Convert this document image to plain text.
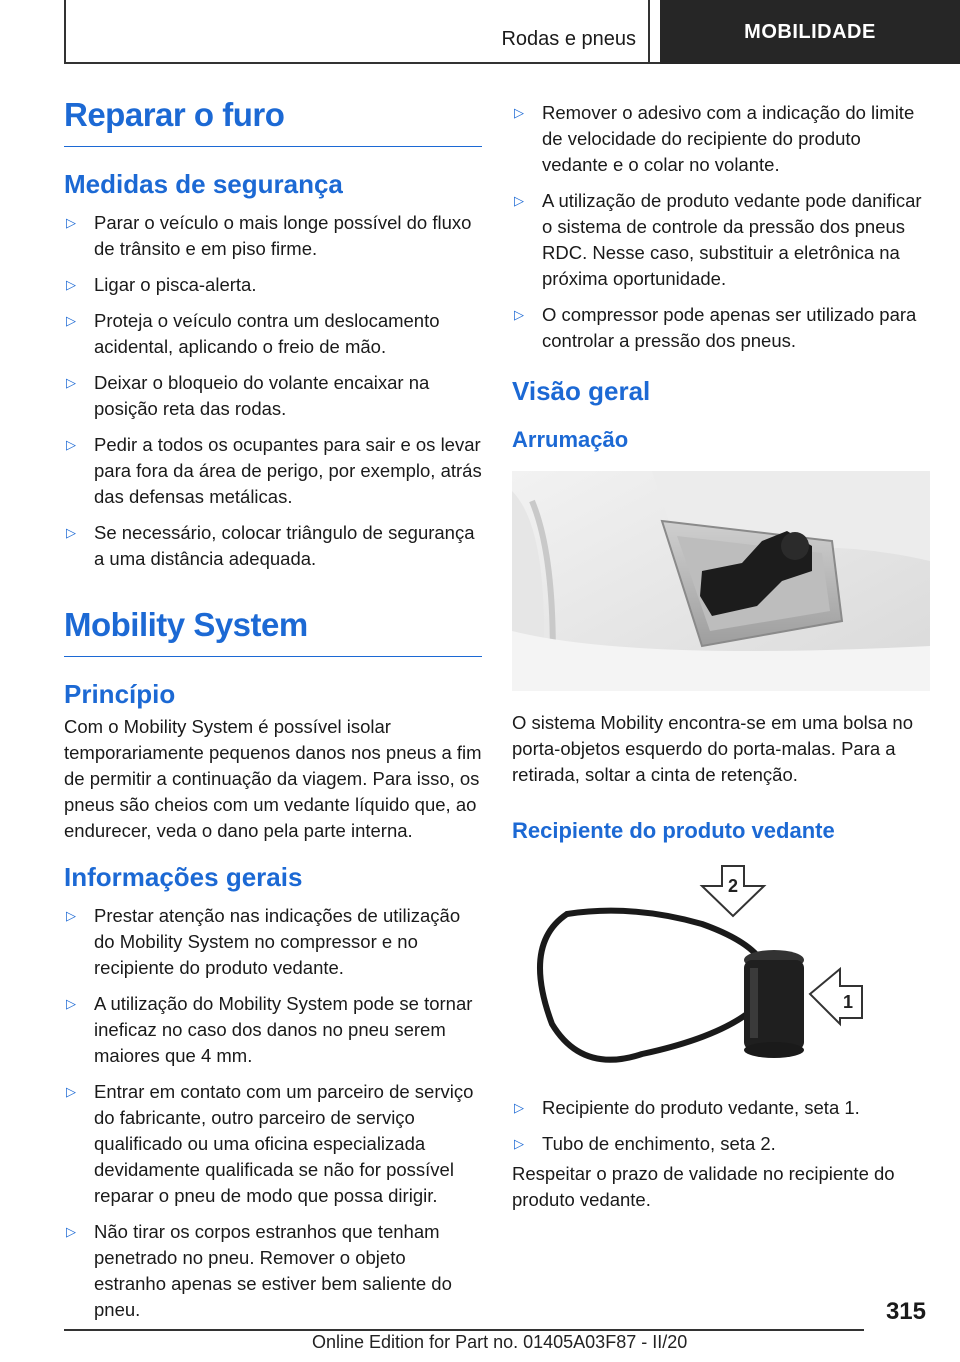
Rodas e pneus	MOBILIDADE
Reparar o furo
Medidas de segurança
▷ Parar o veículo o mais longe possível do fluxo de trânsito e em piso firme.
▷ Ligar o pisca-alerta.
▷ Proteja o veículo contra um deslocamento acidental, aplicando o freio de mão.
▷ Deixar o bloqueio do volante encaixar na posição reta das rodas.
▷ Pedir a todos os ocupantes para sair e os levar para fora da área de perigo, por exemplo, atrás das defensas metálicas.
▷ Se necessário, colocar triângulo de segurança a uma distância adequada.
Mobility System
Princípio

Com o Mobility System é possível isolar temporariamente pequenos danos nos pneus a fim de permitir a continuação da viagem. Para isso, os pneus são cheios com um vedante líquido que, ao endurecer, veda o dano pela parte interna.

Informações gerais
▷ Prestar atenção nas indicações de utilização do Mobility System no compressor e no recipiente do produto vedante.
▷ A utilização do Mobility System pode se tornar ineficaz no caso dos danos no pneu serem maiores que 4 mm.
▷ Entrar em contato com um parceiro de serviço do fabricante, outro parceiro de serviço qualificado ou uma oficina especializada devidamente qualificada se não for possível reparar o pneu de modo que possa dirigir.
▷ Não tirar os corpos estranhos que tenham penetrado no pneu. Remover o objeto estranho apenas se estiver bem saliente do pneu.
▷ Remover o adesivo com a indicação do limite de velocidade do recipiente do produto vedante e o colar no volante.
▷ A utilização de produto vedante pode danificar o sistema de controle da pressão dos pneus RDC. Nesse caso, substituir a eletrônica na próxima oportunidade.
▷ O compressor pode apenas ser utilizado para controlar a pressão dos pneus.
Visão geral
Arrumação

O sistema Mobility encontra-se em uma bolsa no porta-objetos esquerdo do porta-malas. Para a retirada, soltar a cinta de retenção.

Recipiente do produto vedante
2
1
▷ Recipiente do produto vedante, seta 1.
▷ Tubo de enchimento, seta 2.

Respeitar o prazo de validade no recipiente do produto vedante.

315
Online Edition for Part no. 01405A03F87 - II/20
